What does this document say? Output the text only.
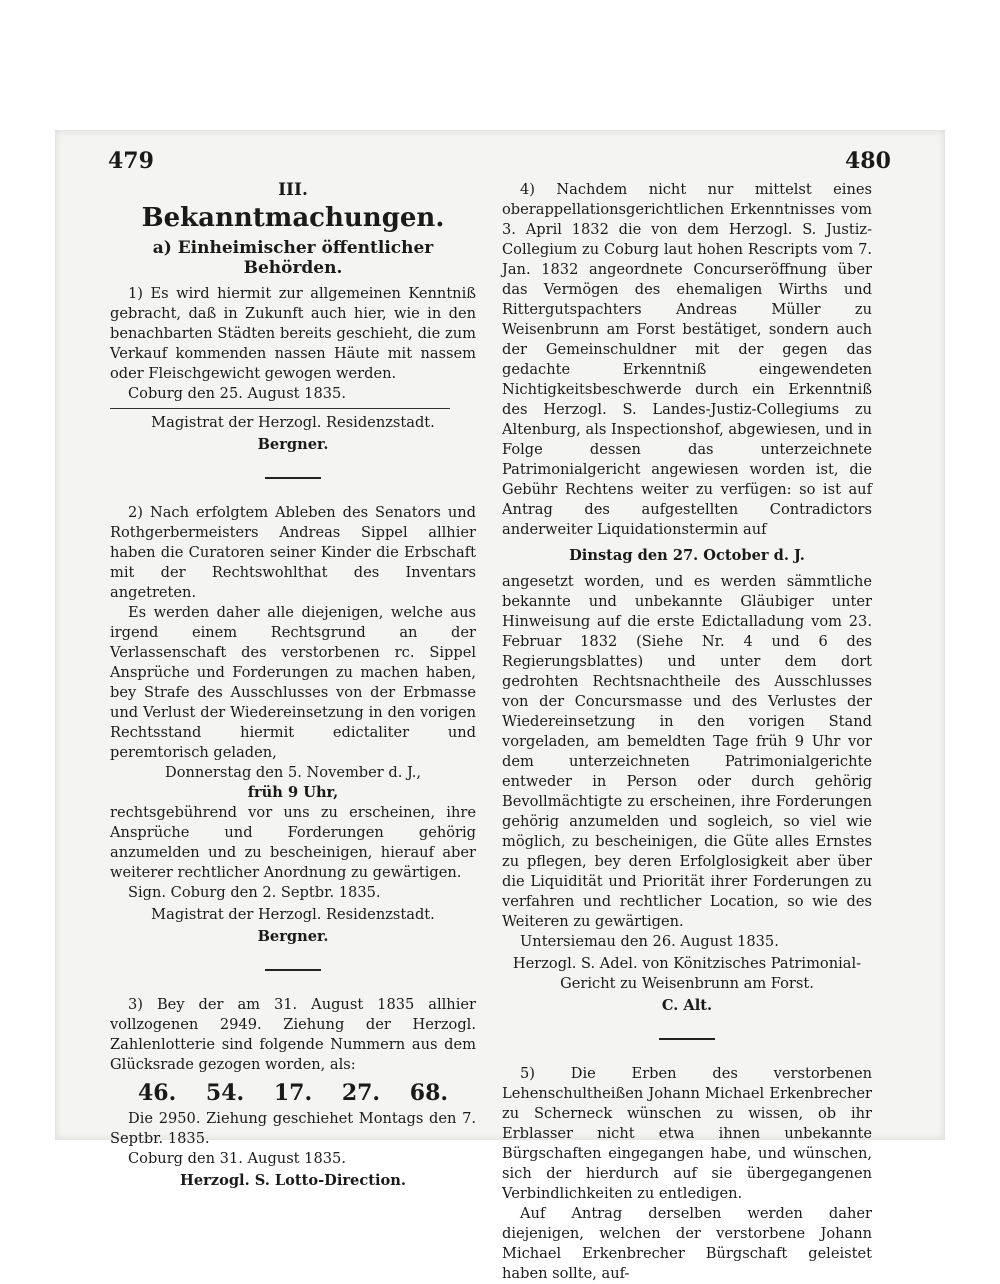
479	480
III.
Bekanntmachungen.
a) Einheimischer öffentlicher Behörden.

1) Es wird hiermit zur allgemeinen Kenntniß gebracht, daß in Zukunft auch hier, wie in den benachbarten Städten bereits geschieht, die zum Verkauf kommenden nassen Häute mit nassem oder Fleischgewicht gewogen werden.

Coburg den 25. August 1835.

Magistrat der Herzogl. Residenzstadt.

Bergner.

2) Nach erfolgtem Ableben des Senators und Rothgerbermeisters Andreas Sippel allhier haben die Curatoren seiner Kinder die Erbschaft mit der Rechtswohlthat des Inventars angetreten.

Es werden daher alle diejenigen, welche aus irgend einem Rechtsgrund an der Verlassenschaft des verstorbenen rc. Sippel Ansprüche und Forderungen zu machen haben, bey Strafe des Ausschlusses von der Erbmasse und Verlust der Wiedereinsetzung in den vorigen Rechtsstand hiermit edictaliter und peremtorisch geladen,

Donnerstag den 5. November d. J.,

früh 9 Uhr,

rechtsgebührend vor uns zu erscheinen, ihre Ansprüche und Forderungen gehörig anzumelden und zu bescheinigen, hierauf aber weiterer rechtlicher Anordnung zu gewärtigen.

Sign. Coburg den 2. Septbr. 1835.

Magistrat der Herzogl. Residenzstadt.

Bergner.

3) Bey der am 31. August 1835 allhier vollzogenen 2949. Ziehung der Herzogl. Zahlenlotterie sind folgende Nummern aus dem Glücksrade gezogen worden, als:

46. 54. 17. 27. 68.

Die 2950. Ziehung geschiehet Montags den 7. Septbr. 1835.

Coburg den 31. August 1835.

Herzogl. S. Lotto-Direction.

4) Nachdem nicht nur mittelst eines oberappellationsgerichtlichen Erkenntnisses vom 3. April 1832 die von dem Herzogl. S. Justiz-Collegium zu Coburg laut hohen Rescripts vom 7. Jan. 1832 angeordnete Concurseröffnung über das Vermögen des ehemaligen Wirths und Rittergutspachters Andreas Müller zu Weisenbrunn am Forst bestätiget, sondern auch der Gemeinschuldner mit der gegen das gedachte Erkenntniß eingewendeten Nichtigkeitsbeschwerde durch ein Erkenntniß des Herzogl. S. Landes-Justiz-Collegiums zu Altenburg, als Inspectionshof, abgewiesen, und in Folge dessen das unterzeichnete Patrimonialgericht angewiesen worden ist, die Gebühr Rechtens weiter zu verfügen: so ist auf Antrag des aufgestellten Contradictors anderweiter Liquidationstermin auf

Dinstag den 27. October d. J.

angesetzt worden, und es werden sämmtliche bekannte und unbekannte Gläubiger unter Hinweisung auf die erste Edictalladung vom 23. Februar 1832 (Siehe Nr. 4 und 6 des Regierungsblattes) und unter dem dort gedrohten Rechtsnachtheile des Ausschlusses von der Concursmasse und des Verlustes der Wiedereinsetzung in den vorigen Stand vorgeladen, am bemeldten Tage früh 9 Uhr vor dem unterzeichneten Patrimonialgerichte entweder in Person oder durch gehörig Bevollmächtigte zu erscheinen, ihre Forderungen gehörig anzumelden und sogleich, so viel wie möglich, zu bescheinigen, die Güte alles Ernstes zu pflegen, bey deren Erfolglosigkeit aber über die Liquidität und Priorität ihrer Forderungen zu verfahren und rechtlicher Location, so wie des Weiteren zu gewärtigen.

Untersiemau den 26. August 1835.

Herzogl. S. Adel. von Könitzisches Patrimonial-Gericht zu Weisenbrunn am Forst.

C. Alt.

5) Die Erben des verstorbenen Lehenschultheißen Johann Michael Erkenbrecher zu Scherneck wünschen zu wissen, ob ihr Erblasser nicht etwa ihnen unbekannte Bürgschaften eingegangen habe, und wünschen, sich der hierdurch auf sie übergegangenen Verbindlichkeiten zu entledigen.

Auf Antrag derselben werden daher diejenigen, welchen der verstorbene Johann Michael Erkenbrecher Bürgschaft geleistet haben sollte, auf-
